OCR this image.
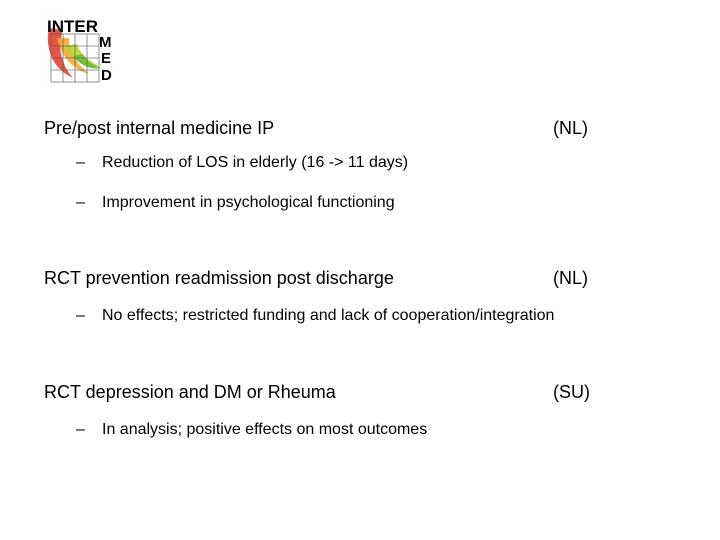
INTER
M
E
D
Pre/post internal medicine IP	(NL)
– Reduction of LOS in elderly (16 -> 11 days)
– Improvement in psychological functioning
RCT prevention readmission post discharge	(NL)
– No effects; restricted funding and lack of cooperation/integration
RCT depression and DM or Rheuma	(SU)
– In analysis; positive effects on most outcomes
